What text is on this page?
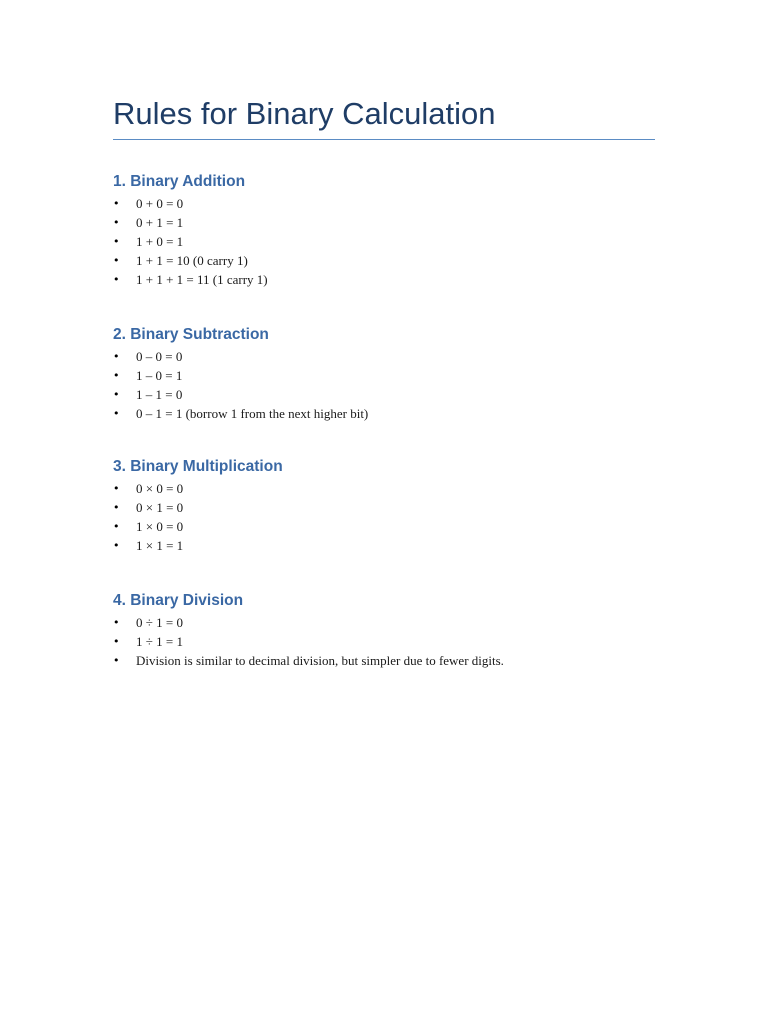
Rules for Binary Calculation
1. Binary Addition
• 0 + 0 = 0
• 0 + 1 = 1
• 1 + 0 = 1
• 1 + 1 = 10 (0 carry 1)
• 1 + 1 + 1 = 11 (1 carry 1)
2. Binary Subtraction
• 0 – 0 = 0
• 1 – 0 = 1
• 1 – 1 = 0
• 0 – 1 = 1 (borrow 1 from the next higher bit)
3. Binary Multiplication
• 0 × 0 = 0
• 0 × 1 = 0
• 1 × 0 = 0
• 1 × 1 = 1
4. Binary Division
• 0 ÷ 1 = 0
• 1 ÷ 1 = 1
• Division is similar to decimal division, but simpler due to fewer digits.
